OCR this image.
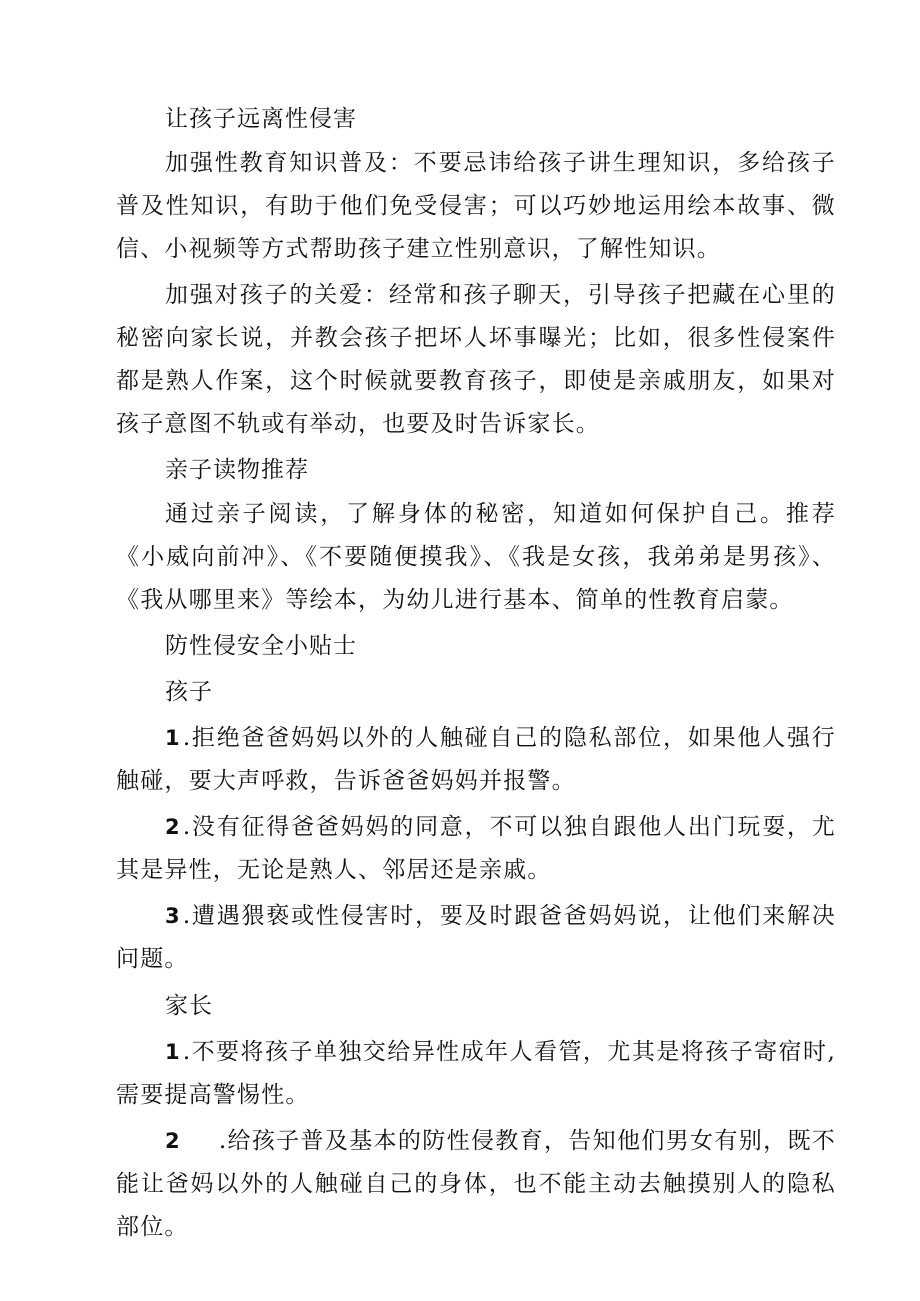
让孩子远离性侵害

加强性教育知识普及：不要忌讳给孩子讲生理知识，多给孩子普及性知识，有助于他们免受侵害；可以巧妙地运用绘本故事、微信、小视频等方式帮助孩子建立性别意识，了解性知识。

加强对孩子的关爱：经常和孩子聊天，引导孩子把藏在心里的秘密向家长说，并教会孩子把坏人坏事曝光；比如，很多性侵案件都是熟人作案，这个时候就要教育孩子，即使是亲戚朋友，如果对孩子意图不轨或有举动，也要及时告诉家长。

亲子读物推荐

通过亲子阅读，了解身体的秘密，知道如何保护自己。推荐《小威向前冲》、《不要随便摸我》、《我是女孩，我弟弟是男孩》、《我从哪里来》等绘本，为幼儿进行基本、简单的性教育启蒙。

防性侵安全小贴士

孩子

1.拒绝爸爸妈妈以外的人触碰自己的隐私部位，如果他人强行触碰，要大声呼救，告诉爸爸妈妈并报警。

2.没有征得爸爸妈妈的同意，不可以独自跟他人出门玩耍，尤其是异性，无论是熟人、邻居还是亲戚。

3.遭遇猥亵或性侵害时，要及时跟爸爸妈妈说，让他们来解决问题。

家长

1.不要将孩子单独交给异性成年人看管，尤其是将孩子寄宿时,需要提高警惕性。

2 .给孩子普及基本的防性侵教育，告知他们男女有别，既不能让爸妈以外的人触碰自己的身体，也不能主动去触摸别人的隐私部位。
